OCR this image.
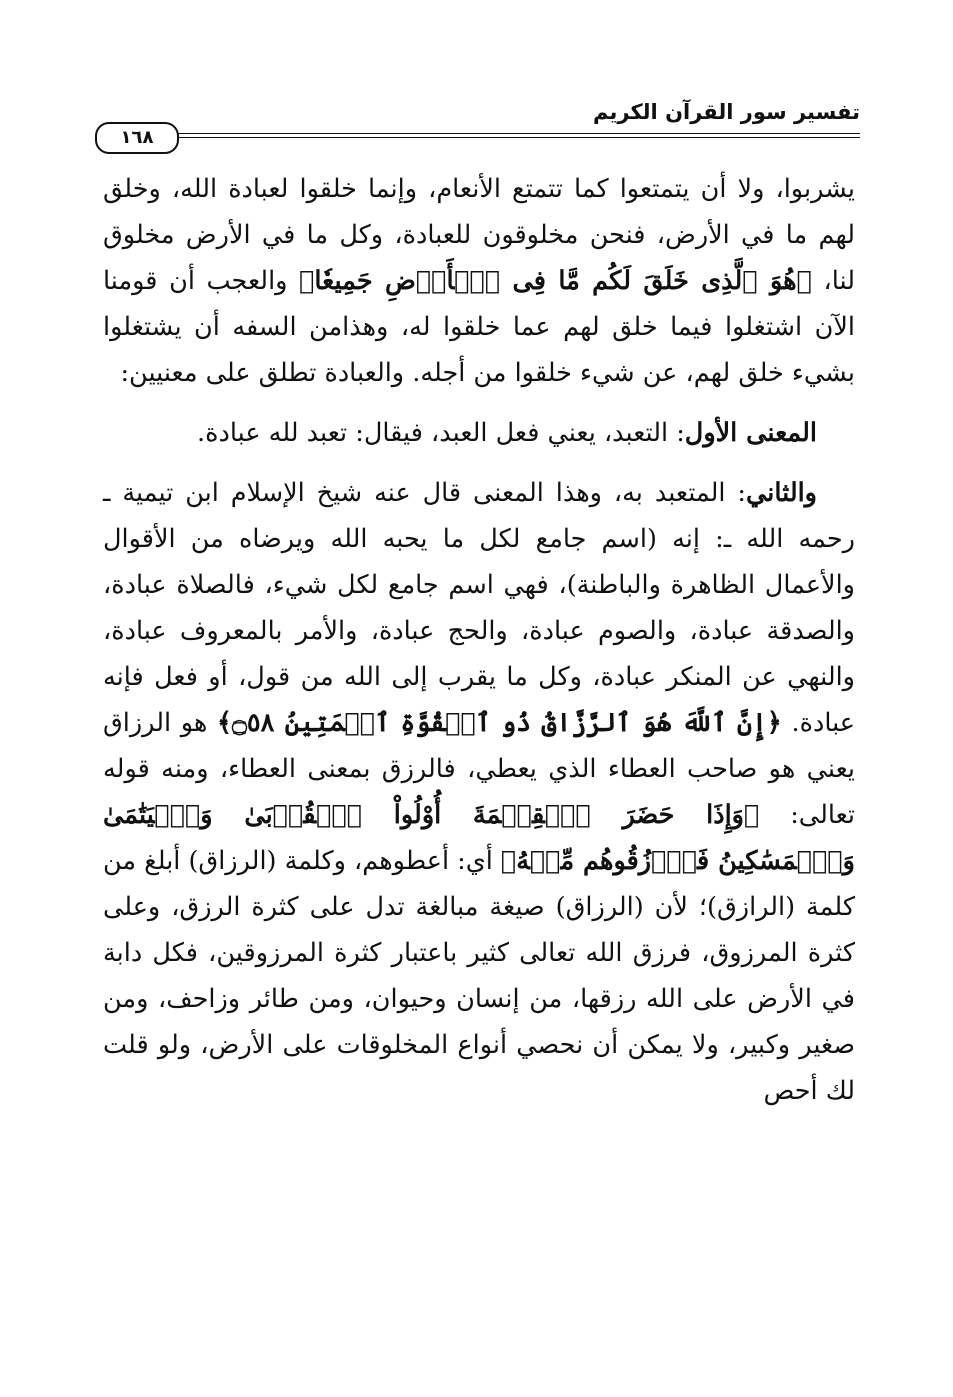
تفسير سور القرآن الكريم
١٦٨

يشربوا، ولا أن يتمتعوا كما تتمتع الأنعام، وإنما خلقوا لعبادة الله، وخلق لهم ما في الأرض، فنحن مخلوقون للعبادة، وكل ما في الأرض مخلوق لنا، ﴿هُوَ ٱلَّذِى خَلَقَ لَكُم مَّا فِى ٱلۡأَرۡضِ جَمِيعٗا﴾ والعجب أن قومنا الآن اشتغلوا فيما خلق لهم عما خلقوا له، وهذامن السفه أن يشتغلوا بشيء خلق لهم، عن شيء خلقوا من أجله. والعبادة تطلق على معنيين:

المعنى الأول: التعبد، يعني فعل العبد، فيقال: تعبد لله عبادة.

والثاني: المتعبد به، وهذا المعنى قال عنه شيخ الإسلام ابن تيمية ـ رحمه الله ـ: إنه (اسم جامع لكل ما يحبه الله ويرضاه من الأقوال والأعمال الظاهرة والباطنة)، فهي اسم جامع لكل شيء، فالصلاة عبادة، والصدقة عبادة، والصوم عبادة، والحج عبادة، والأمر بالمعروف عبادة، والنهي عن المنكر عبادة، وكل ما يقرب إلى الله من قول، أو فعل فإنه عبادة. ﴿إِنَّ ٱللَّهَ هُوَ ٱلرَّزَّاقُ ذُو ٱلۡقُوَّةِ ٱلۡمَتِينُ ۝٥٨﴾ هو الرزاق يعني هو صاحب العطاء الذي يعطي، فالرزق بمعنى العطاء، ومنه قوله تعالى: ﴿وَإِذَا حَضَرَ ٱلۡقِسۡمَةَ أُوْلُواْ ٱلۡقُرۡبَىٰ وَٱلۡيَتَٰمَىٰ وَٱلۡمَسَٰكِينُ فَٱرۡزُقُوهُم مِّنۡهُ﴾ أي: أعطوهم، وكلمة (الرزاق) أبلغ من كلمة (الرازق)؛ لأن (الرزاق) صيغة مبالغة تدل على كثرة الرزق، وعلى كثرة المرزوق، فرزق الله تعالى كثير باعتبار كثرة المرزوقين، فكل دابة في الأرض على الله رزقها، من إنسان وحيوان، ومن طائر وزاحف، ومن صغير وكبير، ولا يمكن أن نحصي أنواع المخلوقات على الأرض، ولو قلت لك أحص
